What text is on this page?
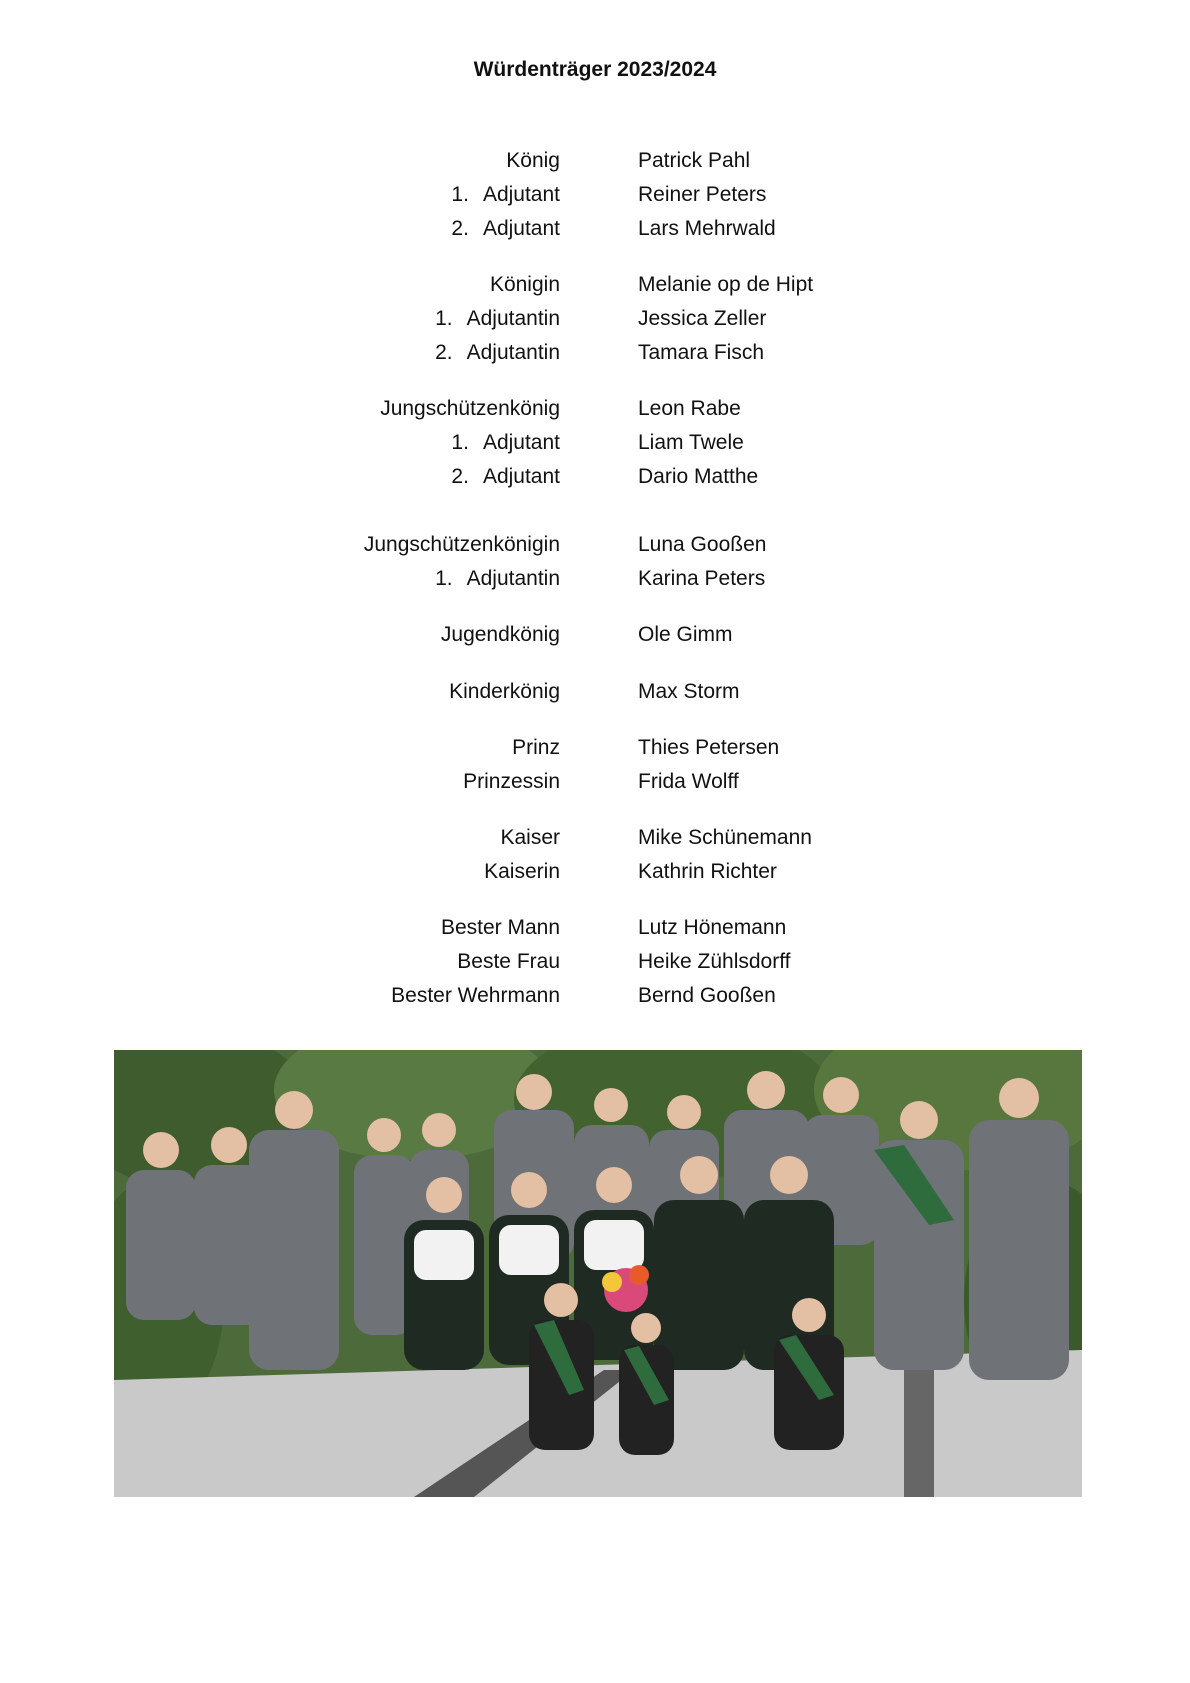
Würdenträger 2023/2024
König	Patrick Pahl
1. Adjutant	Reiner Peters
2. Adjutant	Lars Mehrwald
Königin	Melanie op de Hipt
1. Adjutantin	Jessica Zeller
2. Adjutantin	Tamara Fisch
Jungschützenkönig	Leon Rabe
1. Adjutant	Liam Twele
2. Adjutant	Dario Matthe
Jungschützenkönigin	Luna Gooßen
1. Adjutantin	Karina Peters
Jugendkönig	Ole Gimm
Kinderkönig	Max Storm
Prinz	Thies Petersen
Prinzessin	Frida Wolff
Kaiser	Mike Schünemann
Kaiserin	Kathrin Richter
Bester Mann	Lutz Hönemann
Beste Frau	Heike Zühlsdorff
Bester Wehrmann	Bernd Gooßen
